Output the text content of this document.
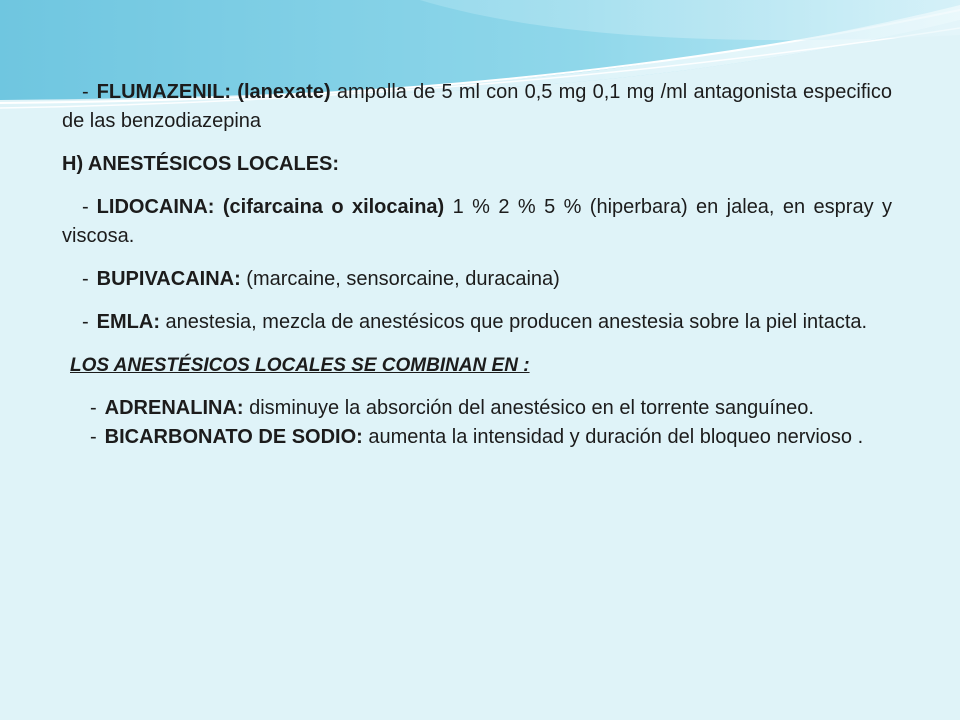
- FLUMAZENIL: (lanexate) ampolla de 5 ml con 0,5 mg 0,1 mg /ml antagonista especifico de las benzodiazepina

H) ANESTÉSICOS LOCALES:

- LIDOCAINA: (cifarcaina o xilocaina) 1 % 2 % 5 % (hiperbara) en jalea, en espray y viscosa.

- BUPIVACAINA: (marcaine, sensorcaine, duracaina)

- EMLA: anestesia, mezcla de anestésicos que producen anestesia sobre la piel intacta.

LOS ANESTÉSICOS LOCALES SE COMBINAN EN :

- ADRENALINA: disminuye la absorción del anestésico en el torrente sanguíneo.

- BICARBONATO DE SODIO: aumenta la intensidad y duración del bloqueo nervioso .
